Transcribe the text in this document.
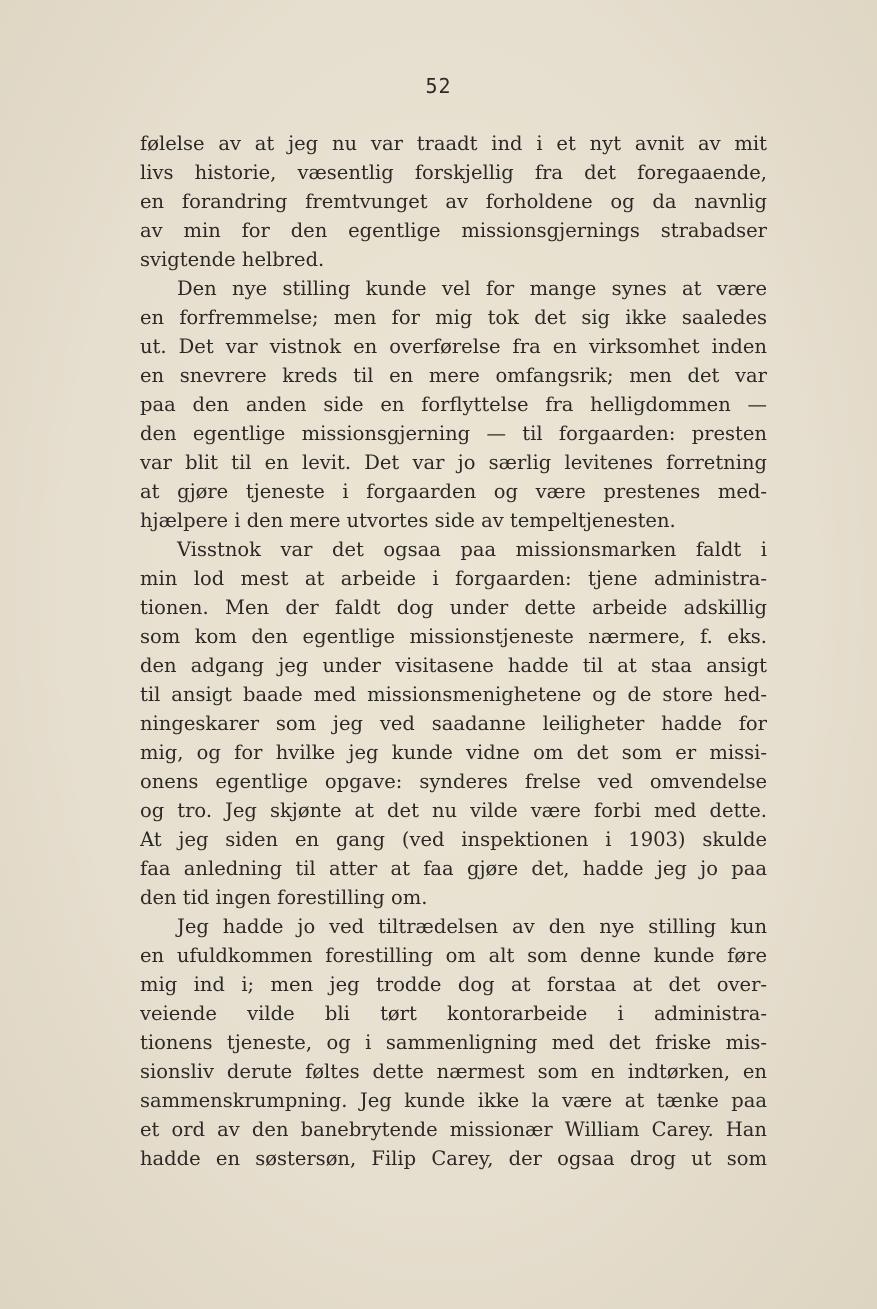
52
følelse av at jeg nu var traadt ind i et nyt avnit av mit
livs historie, væsentlig forskjellig fra det foregaaende,
en forandring fremtvunget av forholdene og da navnlig
av min for den egentlige missionsgjernings strabadser
svigtende helbred.
Den nye stilling kunde vel for mange synes at være
en forfremmelse; men for mig tok det sig ikke saaledes
ut. Det var vistnok en overførelse fra en virksomhet inden
en snevrere kreds til en mere omfangsrik; men det var
paa den anden side en forflyttelse fra helligdommen —
den egentlige missionsgjerning — til forgaarden: presten
var blit til en levit. Det var jo særlig levitenes forretning
at gjøre tjeneste i forgaarden og være prestenes med-
hjælpere i den mere utvortes side av tempeltjenesten.
Visstnok var det ogsaa paa missionsmarken faldt i
min lod mest at arbeide i forgaarden: tjene administra-
tionen. Men der faldt dog under dette arbeide adskillig
som kom den egentlige missionstjeneste nærmere, f. eks.
den adgang jeg under visitasene hadde til at staa ansigt
til ansigt baade med missionsmenighetene og de store hed-
ningeskarer som jeg ved saadanne leiligheter hadde for
mig, og for hvilke jeg kunde vidne om det som er missi-
onens egentlige opgave: synderes frelse ved omvendelse
og tro. Jeg skjønte at det nu vilde være forbi med dette.
At jeg siden en gang (ved inspektionen i 1903) skulde
faa anledning til atter at faa gjøre det, hadde jeg jo paa
den tid ingen forestilling om.
Jeg hadde jo ved tiltrædelsen av den nye stilling kun
en ufuldkommen forestilling om alt som denne kunde føre
mig ind i; men jeg trodde dog at forstaa at det over-
veiende vilde bli tørt kontorarbeide i administra-
tionens tjeneste, og i sammenligning med det friske mis-
sionsliv derute føltes dette nærmest som en indtørken, en
sammenskrumpning. Jeg kunde ikke la være at tænke paa
et ord av den banebrytende missionær William Carey. Han
hadde en søstersøn, Filip Carey, der ogsaa drog ut som
